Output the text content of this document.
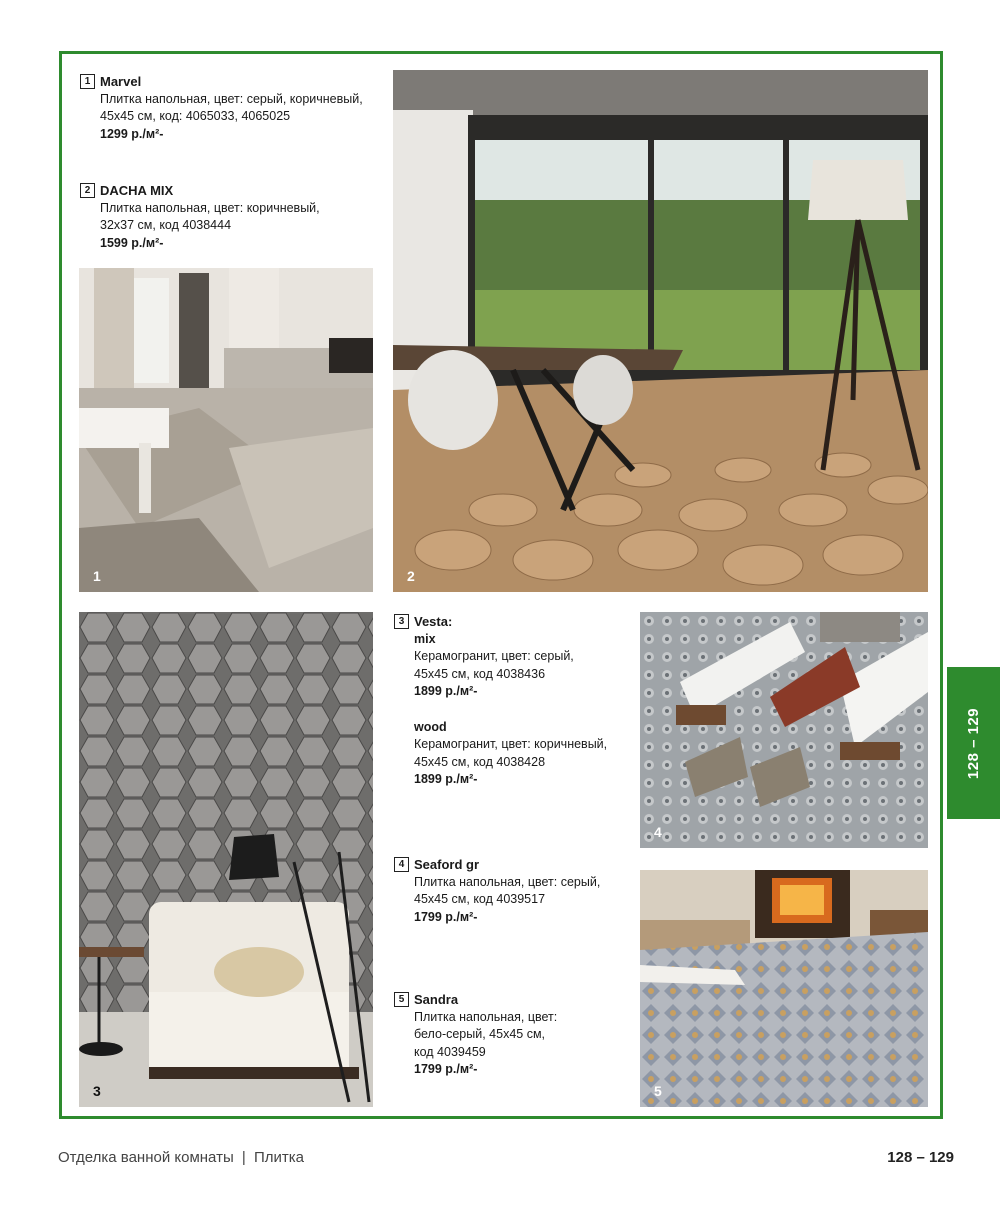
128 – 129
1 Marvel
Плитка напольная, цвет: серый, коричневый,
45x45 см, код: 4065033, 4065025
1299 р./м²-
2 DACHA MIX
Плитка напольная, цвет: коричневый,
32x37 см, код 4038444
1599 р./м²-
1	2
3
3 Vesta:
mix
Керамогранит, цвет: серый,
45x45 см, код 4038436
1899 р./м²-
wood
Керамогранит, цвет: коричневый,
45x45 см, код 4038428
1899 р./м²-
4 Seaford gr
Плитка напольная, цвет: серый,
45x45 см, код 4039517
1799 р./м²-
5 Sandra
Плитка напольная, цвет:
бело-серый, 45x45 см,
код 4039459
1799 р./м²-
4
5
Отделка ванной комнаты | Плитка	128 – 129
